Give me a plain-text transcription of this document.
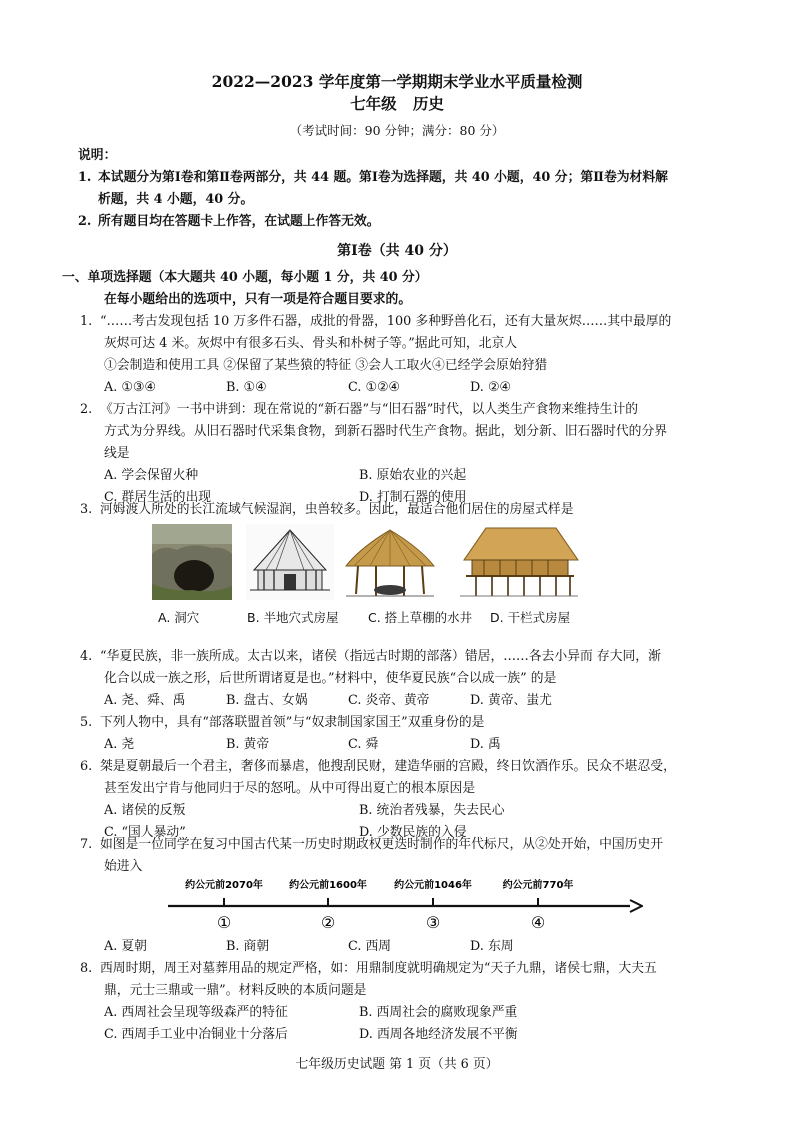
2022—2023 学年度第一学期期末学业水平质量检测
七年级   历史
（考试时间：90 分钟；满分：80 分）
说明：
1. 本试题分为第Ⅰ卷和第Ⅱ卷两部分，共 44 题。第Ⅰ卷为选择题，共 40 小题，40 分；第Ⅱ卷为材料解
析题，共 4 小题，40 分。
2. 所有题目均在答题卡上作答，在试题上作答无效。
第Ⅰ卷（共 40 分）
一、单项选择题（本大题共 40 小题，每小题 1 分，共 40 分）
在每小题给出的选项中，只有一项是符合题目要求的。
1. “……考古发现包括 10 万多件石器，成批的骨器，100 多种野兽化石，还有大量灰烬……其中最厚的
灰烬可达 4 米。灰烬中有很多石头、骨头和朴树子等。”据此可知，北京人
①会制造和使用工具 ②保留了某些猿的特征 ③会人工取火④已经学会原始狩猎
A. ①③④	B. ①④	C. ①②④	D. ②④
2. 《万古江河》一书中讲到：现在常说的“新石器”与“旧石器”时代，以人类生产食物来维持生计的
方式为分界线。从旧石器时代采集食物，到新石器时代生产食物。据此，划分新、旧石器时代的分界
线是
A. 学会保留火种	B. 原始农业的兴起
C. 群居生活的出现	D. 打制石器的使用
3. 河姆渡人所处的长江流域气候湿润，虫兽较多。因此，最适合他们居住的房屋式样是
A. 洞穴	B. 半地穴式房屋 C. 搭上草棚的水井 D. 干栏式房屋
4. “华夏民族，非一族所成。太古以来，诸侯（指远古时期的部落）错居，……各去小异而 存大同，渐
化合以成一族之形，后世所谓诸夏是也。”材料中，使华夏民族“合以成一族” 的是
A. 尧、舜、禹	B. 盘古、女娲	C. 炎帝、黄帝	D. 黄帝、蚩尤
5. 下列人物中，具有“部落联盟首领”与“奴隶制国家国王”双重身份的是
A. 尧	B. 黄帝	C. 舜	D. 禹
6. 桀是夏朝最后一个君主，奢侈而暴虐，他搜刮民财，建造华丽的宫殿，终日饮酒作乐。民众不堪忍受，
甚至发出宁肯与他同归于尽的怒吼。从中可得出夏亡的根本原因是
A. 诸侯的反叛	B. 统治者残暴，失去民心
C. “国人暴动”	D. 少数民族的入侵
7. 如图是一位同学在复习中国古代某一历史时期政权更迭时制作的年代标尺，从②处开始，中国历史开
始进入
约公元前2070年	约公元前1600年	约公元前1046年	约公元前770年
①	②	③	④
A. 夏朝	B. 商朝	C. 西周	D. 东周
8. 西周时期，周王对墓葬用品的规定严格，如：用鼎制度就明确规定为“天子九鼎，诸侯七鼎，大夫五
鼎，元士三鼎或一鼎”。材料反映的本质问题是
A. 西周社会呈现等级森严的特征	B. 西周社会的腐败现象严重
C. 西周手工业中冶铜业十分落后	D. 西周各地经济发展不平衡
七年级历史试题 第 1 页（共 6 页）
